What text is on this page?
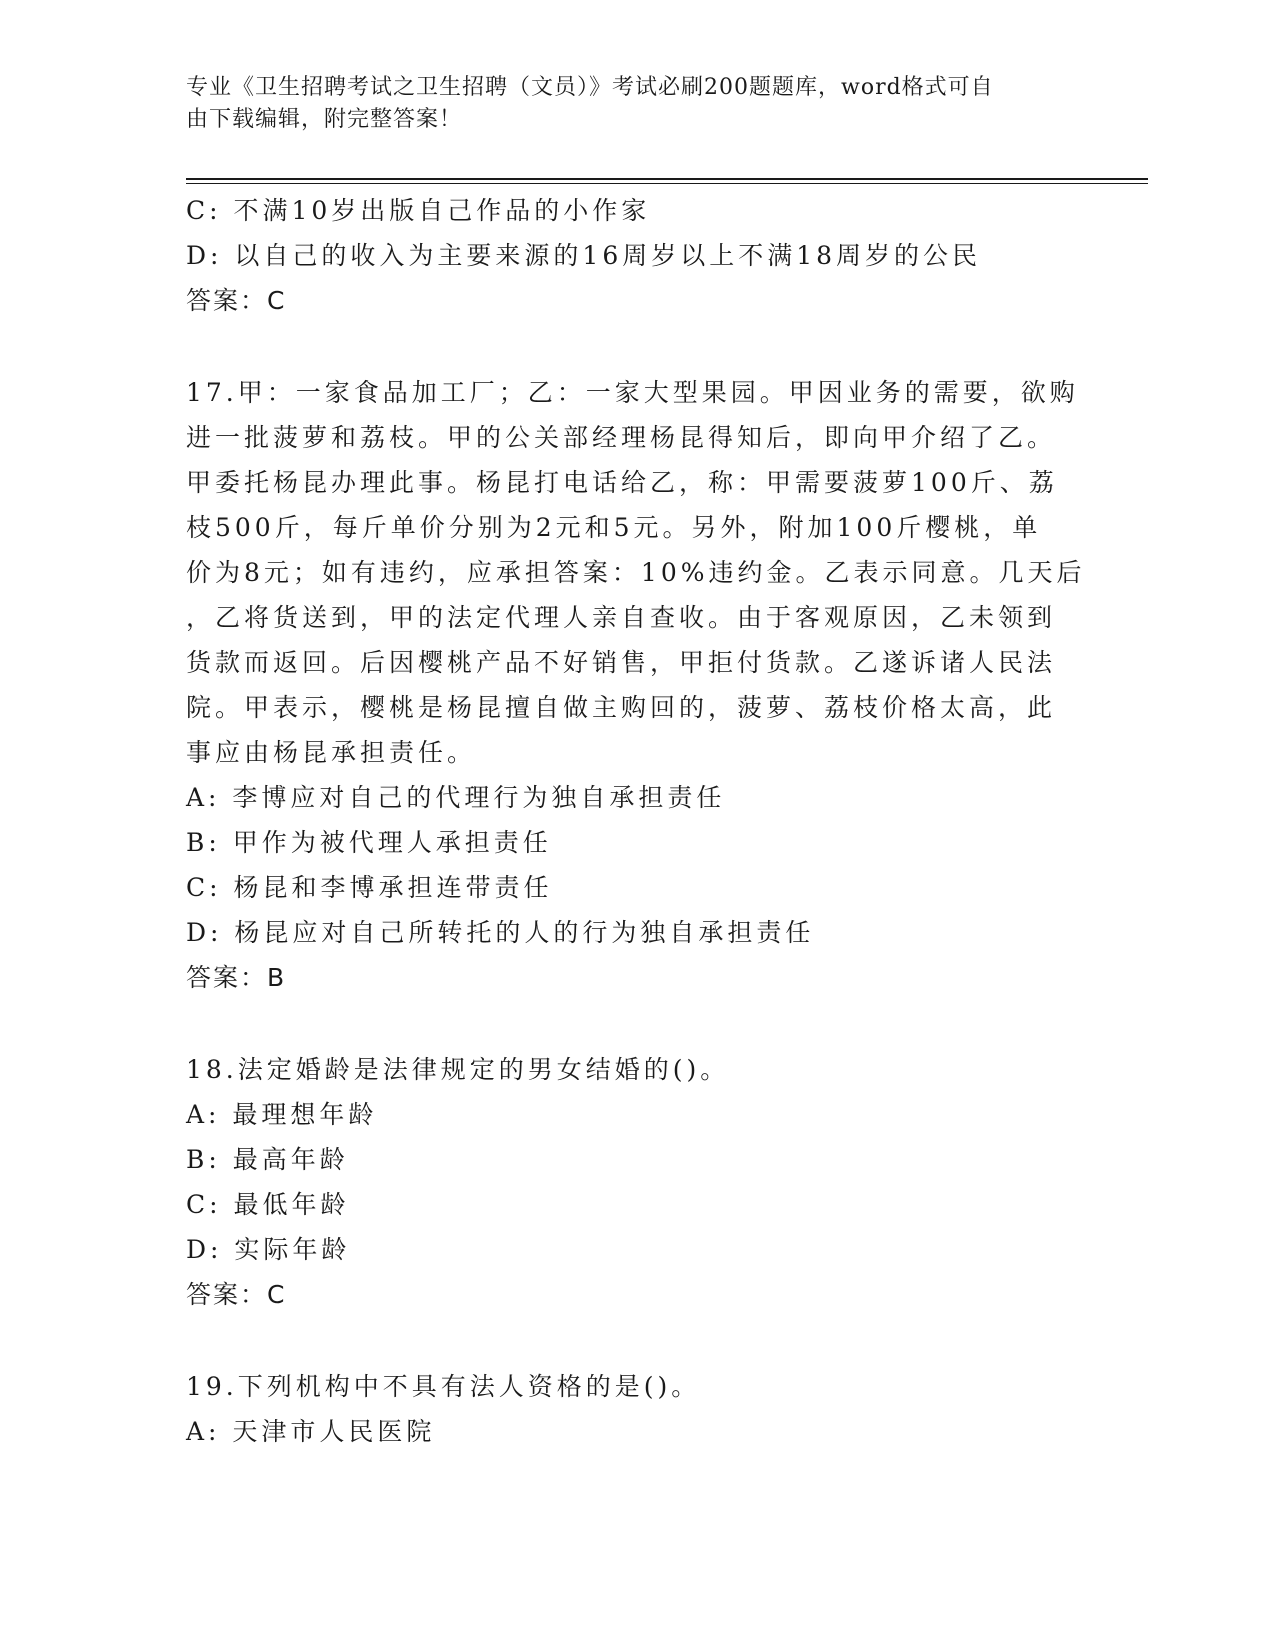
专业《卫生招聘考试之卫生招聘（文员）》考试必刷200题题库，word格式可自
由下载编辑，附完整答案！
C: 不满10岁出版自己作品的小作家
D: 以自己的收入为主要来源的16周岁以上不满18周岁的公民
答案：C
17.甲：一家食品加工厂；乙：一家大型果园。甲因业务的需要，欲购
进一批菠萝和荔枝。甲的公关部经理杨昆得知后，即向甲介绍了乙。
甲委托杨昆办理此事。杨昆打电话给乙，称：甲需要菠萝100斤、荔
枝500斤，每斤单价分别为2元和5元。另外，附加100斤樱桃，单
价为8元；如有违约，应承担答案：10%违约金。乙表示同意。几天后
，乙将货送到，甲的法定代理人亲自查收。由于客观原因，乙未领到
货款而返回。后因樱桃产品不好销售，甲拒付货款。乙遂诉诸人民法
院。甲表示，樱桃是杨昆擅自做主购回的，菠萝、荔枝价格太高，此
事应由杨昆承担责任。
A: 李博应对自己的代理行为独自承担责任
B: 甲作为被代理人承担责任
C: 杨昆和李博承担连带责任
D: 杨昆应对自己所转托的人的行为独自承担责任
答案：B
18.法定婚龄是法律规定的男女结婚的()。
A: 最理想年龄
B: 最高年龄
C: 最低年龄
D: 实际年龄
答案：C
19.下列机构中不具有法人资格的是()。
A: 天津市人民医院
